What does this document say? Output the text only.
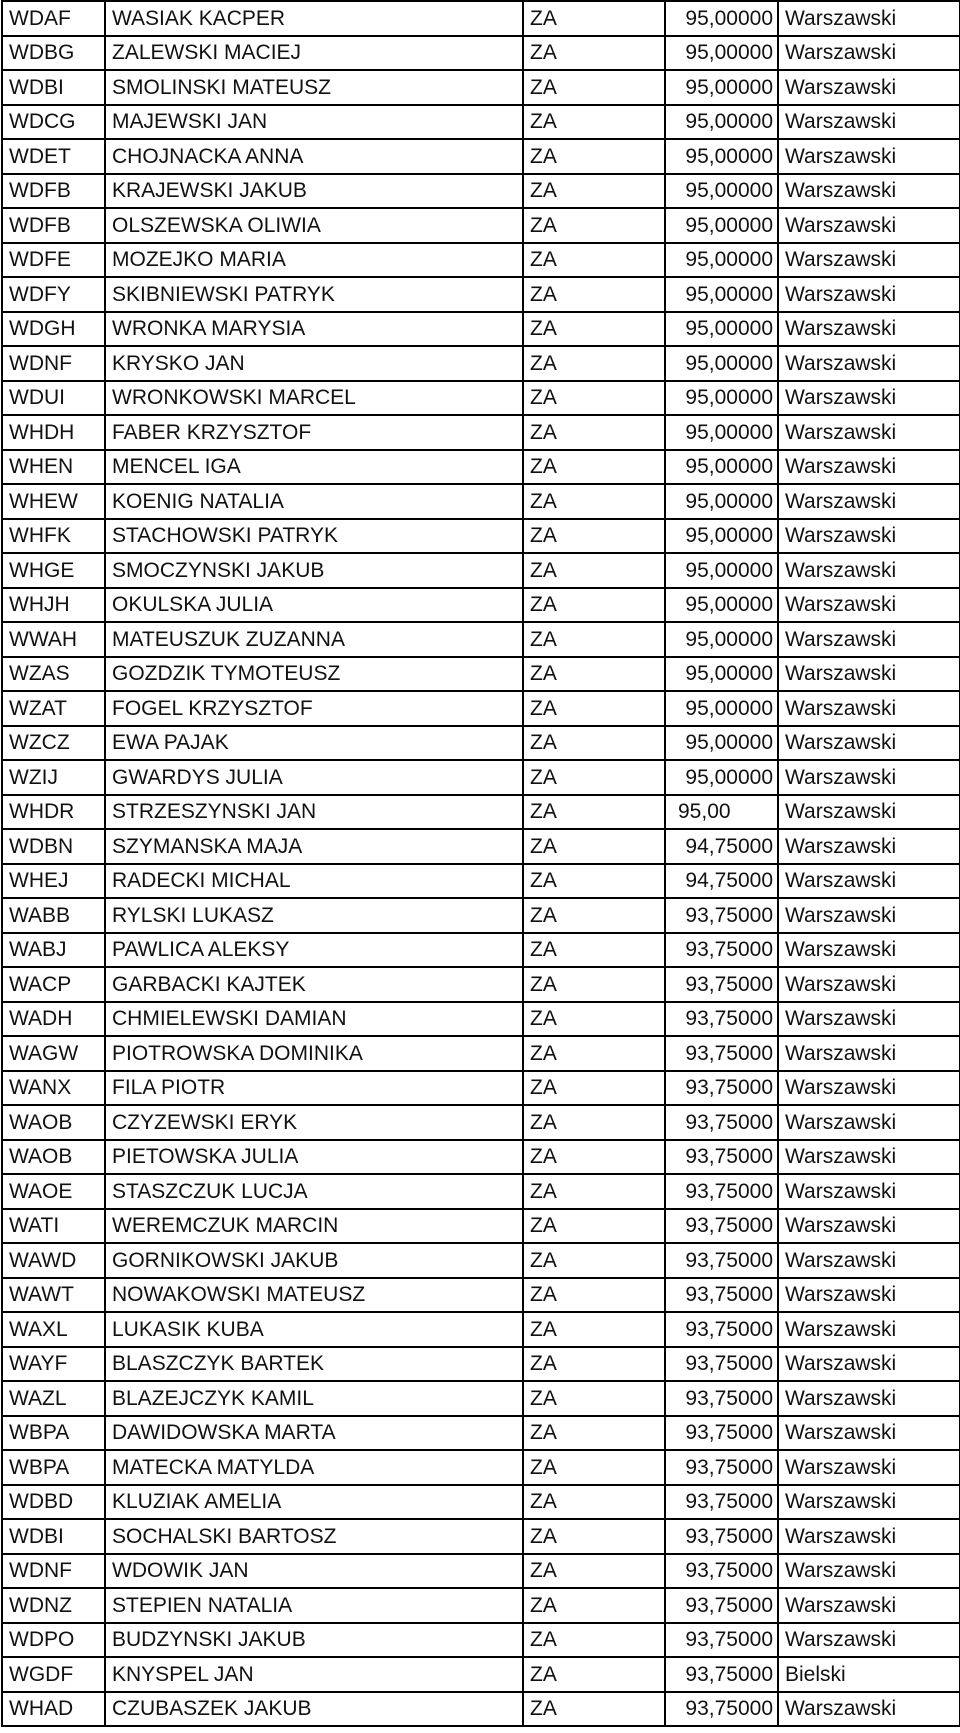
WDAF	WASIAK KACPER	ZA	95,00000	Warszawski
WDBG	ZALEWSKI MACIEJ	ZA	95,00000	Warszawski
WDBI	SMOLINSKI MATEUSZ	ZA	95,00000	Warszawski
WDCG	MAJEWSKI JAN	ZA	95,00000	Warszawski
WDET	CHOJNACKA ANNA	ZA	95,00000	Warszawski
WDFB	KRAJEWSKI JAKUB	ZA	95,00000	Warszawski
WDFB	OLSZEWSKA OLIWIA	ZA	95,00000	Warszawski
WDFE	MOZEJKO MARIA	ZA	95,00000	Warszawski
WDFY	SKIBNIEWSKI PATRYK	ZA	95,00000	Warszawski
WDGH	WRONKA MARYSIA	ZA	95,00000	Warszawski
WDNF	KRYSKO JAN	ZA	95,00000	Warszawski
WDUI	WRONKOWSKI MARCEL	ZA	95,00000	Warszawski
WHDH	FABER KRZYSZTOF	ZA	95,00000	Warszawski
WHEN	MENCEL IGA	ZA	95,00000	Warszawski
WHEW	KOENIG NATALIA	ZA	95,00000	Warszawski
WHFK	STACHOWSKI PATRYK	ZA	95,00000	Warszawski
WHGE	SMOCZYNSKI JAKUB	ZA	95,00000	Warszawski
WHJH	OKULSKA JULIA	ZA	95,00000	Warszawski
WWAH	MATEUSZUK ZUZANNA	ZA	95,00000	Warszawski
WZAS	GOZDZIK TYMOTEUSZ	ZA	95,00000	Warszawski
WZAT	FOGEL KRZYSZTOF	ZA	95,00000	Warszawski
WZCZ	EWA PAJAK	ZA	95,00000	Warszawski
WZIJ	GWARDYS JULIA	ZA	95,00000	Warszawski
WHDR	STRZESZYNSKI JAN	ZA	95,00	Warszawski
WDBN	SZYMANSKA MAJA	ZA	94,75000	Warszawski
WHEJ	RADECKI MICHAL	ZA	94,75000	Warszawski
WABB	RYLSKI LUKASZ	ZA	93,75000	Warszawski
WABJ	PAWLICA ALEKSY	ZA	93,75000	Warszawski
WACP	GARBACKI KAJTEK	ZA	93,75000	Warszawski
WADH	CHMIELEWSKI DAMIAN	ZA	93,75000	Warszawski
WAGW	PIOTROWSKA DOMINIKA	ZA	93,75000	Warszawski
WANX	FILA PIOTR	ZA	93,75000	Warszawski
WAOB	CZYZEWSKI ERYK	ZA	93,75000	Warszawski
WAOB	PIETOWSKA JULIA	ZA	93,75000	Warszawski
WAOE	STASZCZUK LUCJA	ZA	93,75000	Warszawski
WATI	WEREMCZUK MARCIN	ZA	93,75000	Warszawski
WAWD	GORNIKOWSKI JAKUB	ZA	93,75000	Warszawski
WAWT	NOWAKOWSKI MATEUSZ	ZA	93,75000	Warszawski
WAXL	LUKASIK KUBA	ZA	93,75000	Warszawski
WAYF	BLASZCZYK BARTEK	ZA	93,75000	Warszawski
WAZL	BLAZEJCZYK KAMIL	ZA	93,75000	Warszawski
WBPA	DAWIDOWSKA MARTA	ZA	93,75000	Warszawski
WBPA	MATECKA MATYLDA	ZA	93,75000	Warszawski
WDBD	KLUZIAK AMELIA	ZA	93,75000	Warszawski
WDBI	SOCHALSKI BARTOSZ	ZA	93,75000	Warszawski
WDNF	WDOWIK JAN	ZA	93,75000	Warszawski
WDNZ	STEPIEN NATALIA	ZA	93,75000	Warszawski
WDPO	BUDZYNSKI JAKUB	ZA	93,75000	Warszawski
WGDF	KNYSPEL JAN	ZA	93,75000	Bielski
WHAD	CZUBASZEK JAKUB	ZA	93,75000	Warszawski
